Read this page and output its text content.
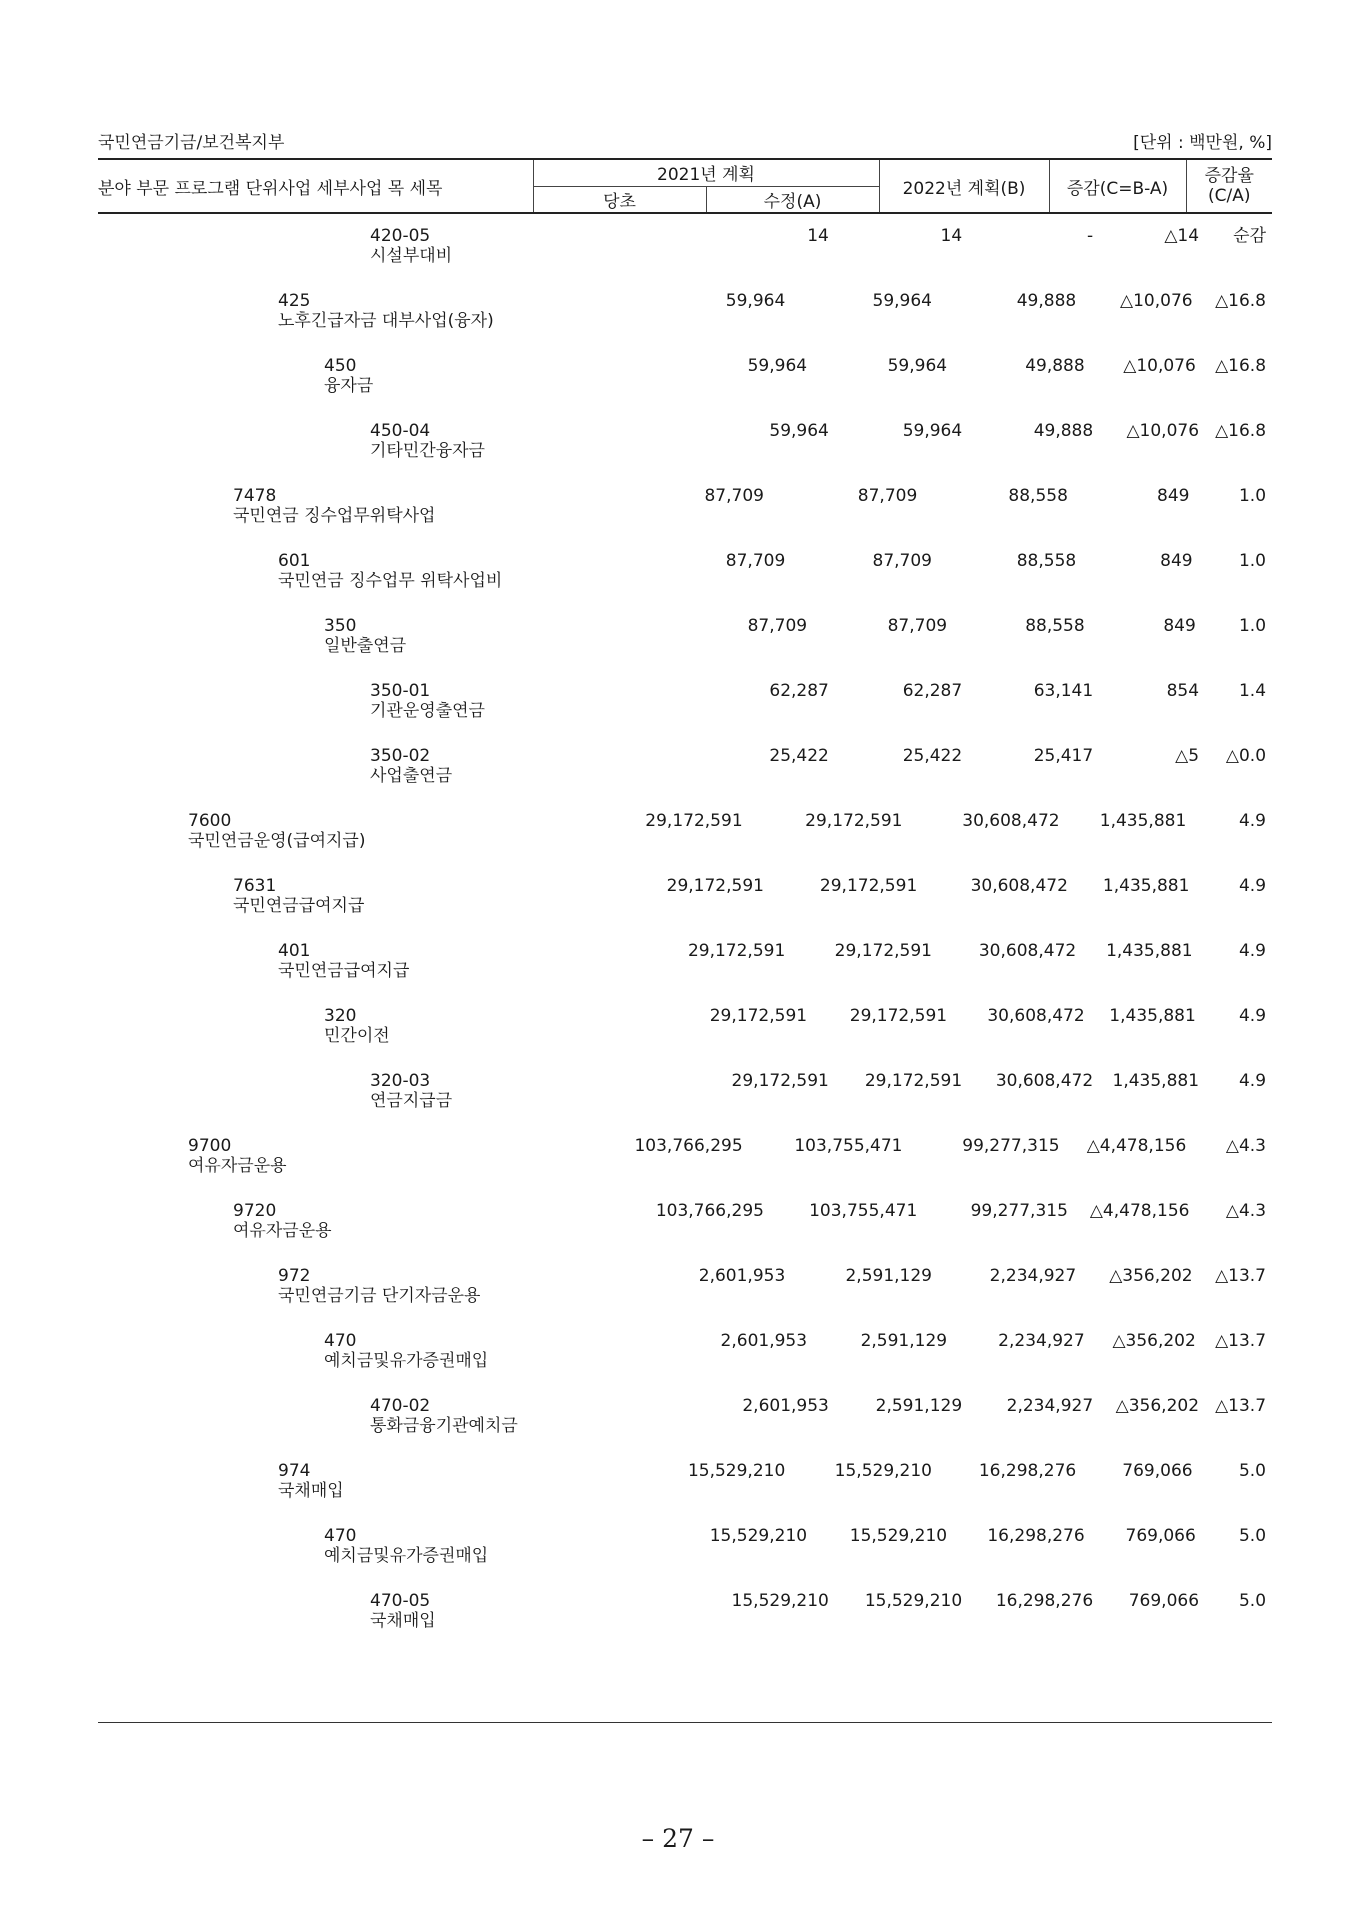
국민연금기금/보건복지부	[단위 : 백만원, %]
분야 부문 프로그램 단위사업 세부사업 목 세목	2021년 계획		2022년 계획(B)	증감(C=B-A)	증감율
(C/A)
	당초	수정(A)			
420-05
시설부대비
14	14	-	△14	순감
425
노후긴급자금 대부사업(융자)
59,964	59,964	49,888	△10,076	△16.8
450
융자금
59,964	59,964	49,888	△10,076	△16.8
450-04
기타민간융자금
59,964	59,964	49,888	△10,076 △16.8
7478
국민연금 징수업무위탁사업
87,709	87,709	88,558	849	1.0
601
국민연금 징수업무 위탁사업비
87,709	87,709	88,558	849	1.0
350
일반출연금
87,709	87,709	88,558	849	1.0
350-01
기관운영출연금
62,287	62,287	63,141	854	1.4
350-02
사업출연금
25,422	25,422	25,417	△5	△0.0
7600
국민연금운영(급여지급)
29,172,591	29,172,591	30,608,472	1,435,881	4.9
7631
국민연금급여지급
29,172,591	29,172,591	30,608,472	1,435,881	4.9
401
국민연금급여지급
29,172,591	29,172,591	30,608,472	1,435,881	4.9
320
민간이전
29,172,591	29,172,591	30,608,472	1,435,881	4.9
320-03
연금지급금
29,172,591	29,172,591	30,608,472	1,435,881	4.9
9700
여유자금운용
103,766,295	103,755,471	99,277,315	△4,478,156	△4.3
9720
여유자금운용
103,766,295	103,755,471	99,277,315	△4,478,156	△4.3
972
국민연금기금 단기자금운용
2,601,953	2,591,129	2,234,927	△356,202	△13.7
470
예치금및유가증권매입
2,601,953	2,591,129	2,234,927	△356,202	△13.7
470-02
통화금융기관예치금
2,601,953	2,591,129	2,234,927	△356,202 △13.7
974
국채매입
15,529,210	15,529,210	16,298,276	769,066	5.0
470
예치금및유가증권매입
15,529,210	15,529,210	16,298,276	769,066	5.0
470-05
국채매입
15,529,210	15,529,210	16,298,276	769,066	5.0
– 27 –
